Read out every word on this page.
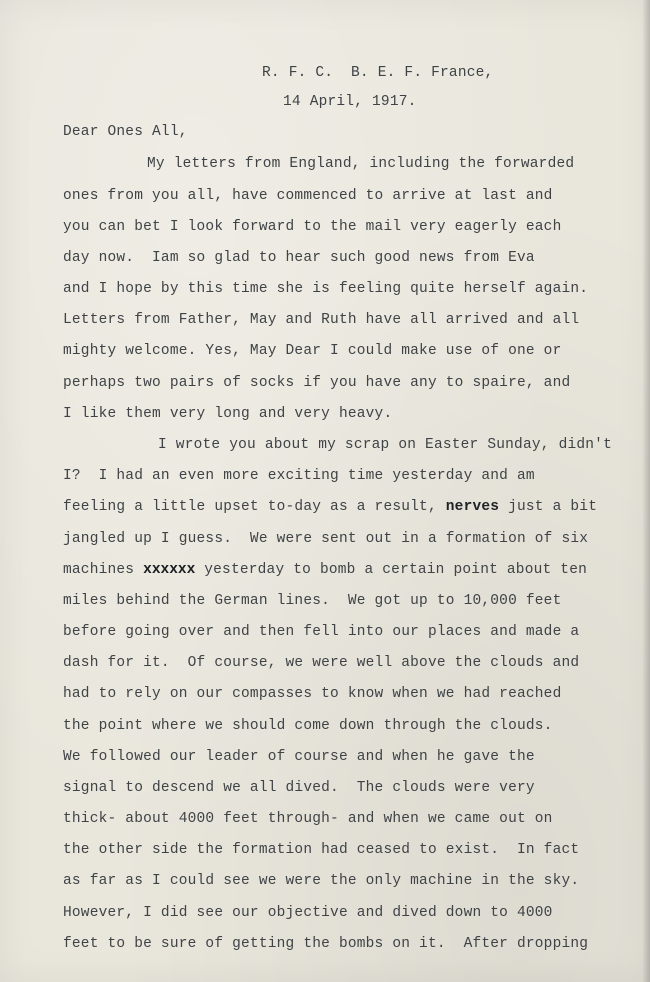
R. F. C.  B. E. F. France,
14 April, 1917.
Dear Ones All,
My letters from England, including the forwarded
ones from you all, have commenced to arrive at last and
you can bet I look forward to the mail very eagerly each
day now.  Iam so glad to hear such good news from Eva
and I hope by this time she is feeling quite herself again.
Letters from Father, May and Ruth have all arrived and all
mighty welcome. Yes, May Dear I could make use of one or
perhaps two pairs of socks if you have any to spaire, and
I like them very long and very heavy.
I wrote you about my scrap on Easter Sunday, didn't
I?  I had an even more exciting time yesterday and am
feeling a little upset to-day as a result, nerves just a bit
jangled up I guess.  We were sent out in a formation of six
machines xxxxxx yesterday to bomb a certain point about ten
miles behind the German lines.  We got up to 10,000 feet
before going over and then fell into our places and made a
dash for it.  Of course, we were well above the clouds and
had to rely on our compasses to know when we had reached
the point where we should come down through the clouds.
We followed our leader of course and when he gave the
signal to descend we all dived.  The clouds were very
thick- about 4000 feet through- and when we came out on
the other side the formation had ceased to exist.  In fact
as far as I could see we were the only machine in the sky.
However, I did see our objective and dived down to 4000
feet to be sure of getting the bombs on it.  After dropping
